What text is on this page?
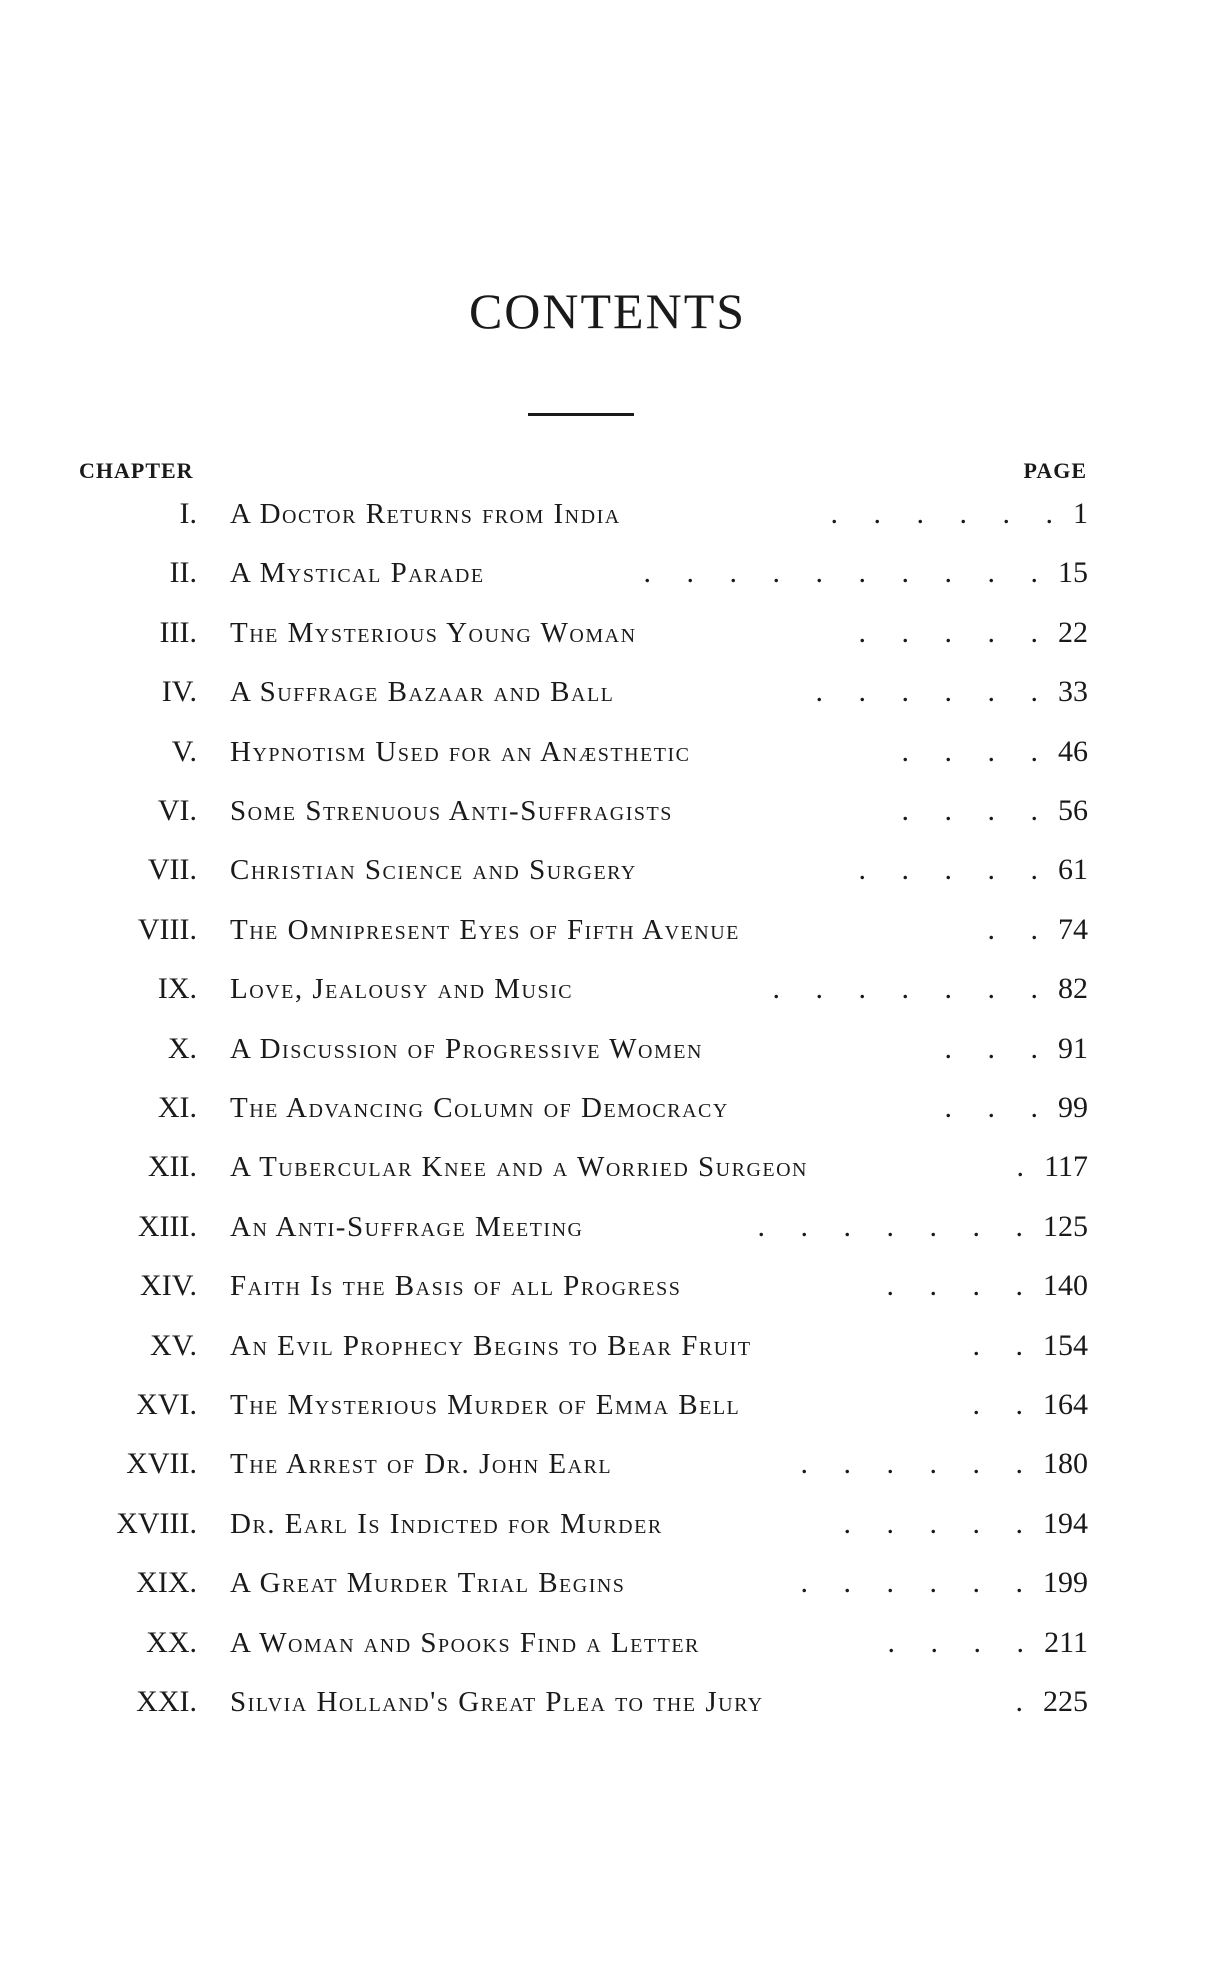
CONTENTS
CHAPTER	PAGE
I. A Doctor Returns from India	. . . . . . 1
II. A Mystical Parade	. . . . . . . . . . 15
III. The Mysterious Young Woman	. . . . . 22
IV. A Suffrage Bazaar and Ball	. . . . . . 33
V. Hypnotism Used for an Anæsthetic	. . . . 46
VI. Some Strenuous Anti-Suffragists	. . . . 56
VII. Christian Science and Surgery	. . . . . 61
VIII. The Omnipresent Eyes of Fifth Avenue	. . 74
IX. Love, Jealousy and Music	. . . . . . . 82
X. A Discussion of Progressive Women	. . . 91
XI. The Advancing Column of Democracy	. . . 99
XII. A Tubercular Knee and a Worried Surgeon	. 117
XIII. An Anti-Suffrage Meeting	. . . . . . . 125
XIV. Faith Is the Basis of all Progress	. . . . 140
XV. An Evil Prophecy Begins to Bear Fruit	. . 154
XVI. The Mysterious Murder of Emma Bell	. . 164
XVII. The Arrest of Dr. John Earl	. . . . . . 180
XVIII. Dr. Earl Is Indicted for Murder	. . . . . 194
XIX. A Great Murder Trial Begins	. . . . . . 199
XX. A Woman and Spooks Find a Letter	. . . . 211
XXI. Silvia Holland's Great Plea to the Jury	. 225
